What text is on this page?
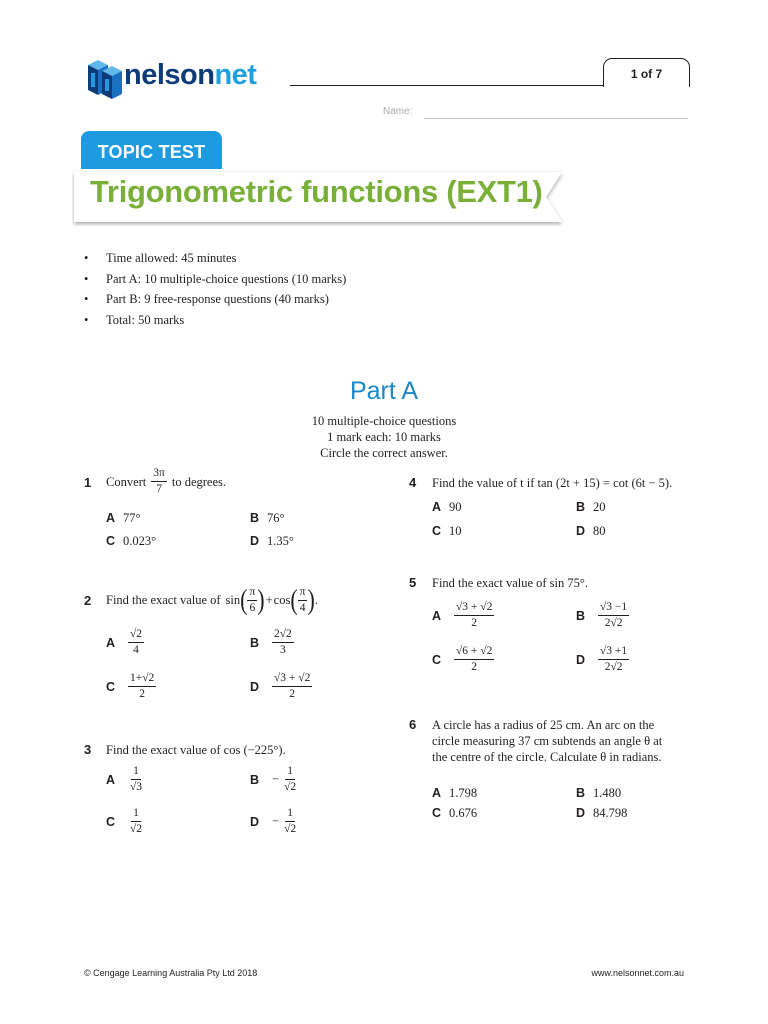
nelsonnet	1 of 7
Name:
TOPIC TEST
Trigonometric functions (EXT1)
• Time allowed: 45 minutes
• Part A: 10 multiple-choice questions (10 marks)
• Part B: 9 free-response questions (40 marks)
• Total: 50 marks
Part A
10 multiple-choice questions
1 mark each: 10 marks
Circle the correct answer.
1 Convert $\frac{3\pi}{7}$ to degrees.
A 77°	B 76°
C 0.023°	D 1.35°
2 Find the exact value of sin ( $\frac{\pi}{6}$ ) + cos ( $\frac{\pi}{4}$ ) .
A	$\frac{√2}{4}$	B	$\frac{2√2}{3}$
C	$\frac{1+√2}{2}$	D	$\frac{√3 + √2}{2}$
3 Find the exact value of cos (−225°).
A	$\frac{1}{√3}$	B	− $\frac{1}{√2}$
C	$\frac{1}{√2}$	D	− $\frac{1}{√2}$
4 Find the value of t if tan (2t + 15) = cot (6t − 5).
A 90	B 20
C 10	D 80
5 Find the exact value of sin 75°.
A	$\frac{√3 + √2}{2}$	B	$\frac{√3 -1}{2√2}$
C	$\frac{√6 + √2}{2}$	D	$\frac{√3 +1}{2√2}$
6 A circle has a radius of 25 cm. An arc on the
circle measuring 37 cm subtends an angle θ at
the centre of the circle. Calculate θ in radians.
A 1.798	B 1.480
C 0.676	D 84.798
© Cengage Learning Australia Pty Ltd 2018	www.nelsonnet.com.au
